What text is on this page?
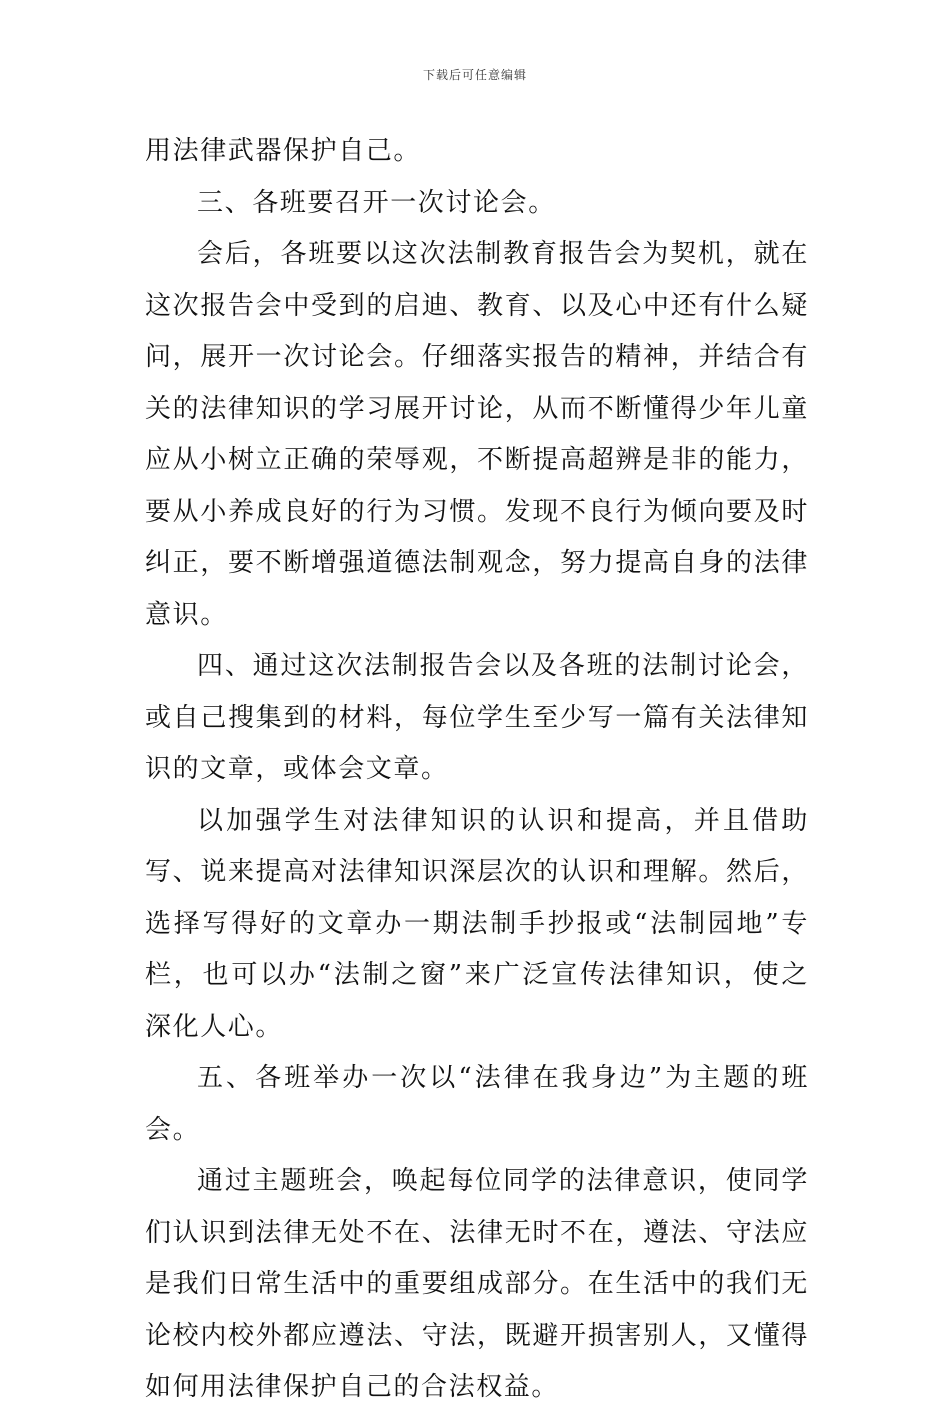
下载后可任意编辑

用法律武器保护自己。

三、各班要召开一次讨论会。

会后，各班要以这次法制教育报告会为契机，就在这次报告会中受到的启迪、教育、以及心中还有什么疑问，展开一次讨论会。仔细落实报告的精神，并结合有关的法律知识的学习展开讨论，从而不断懂得少年儿童应从小树立正确的荣辱观，不断提高超辨是非的能力，要从小养成良好的行为习惯。发现不良行为倾向要及时纠正，要不断增强道德法制观念，努力提高自身的法律意识。

四、通过这次法制报告会以及各班的法制讨论会，或自己搜集到的材料，每位学生至少写一篇有关法律知识的文章，或体会文章。

以加强学生对法律知识的认识和提高，并且借助写、说来提高对法律知识深层次的认识和理解。然后，选择写得好的文章办一期法制手抄报或“法制园地”专栏，也可以办“法制之窗”来广泛宣传法律知识，使之深化人心。

五、各班举办一次以“法律在我身边”为主题的班会。

通过主题班会，唤起每位同学的法律意识，使同学们认识到法律无处不在、法律无时不在，遵法、守法应是我们日常生活中的重要组成部分。在生活中的我们无论校内校外都应遵法、守法，既避开损害别人，又懂得如何用法律保护自己的合法权益。
